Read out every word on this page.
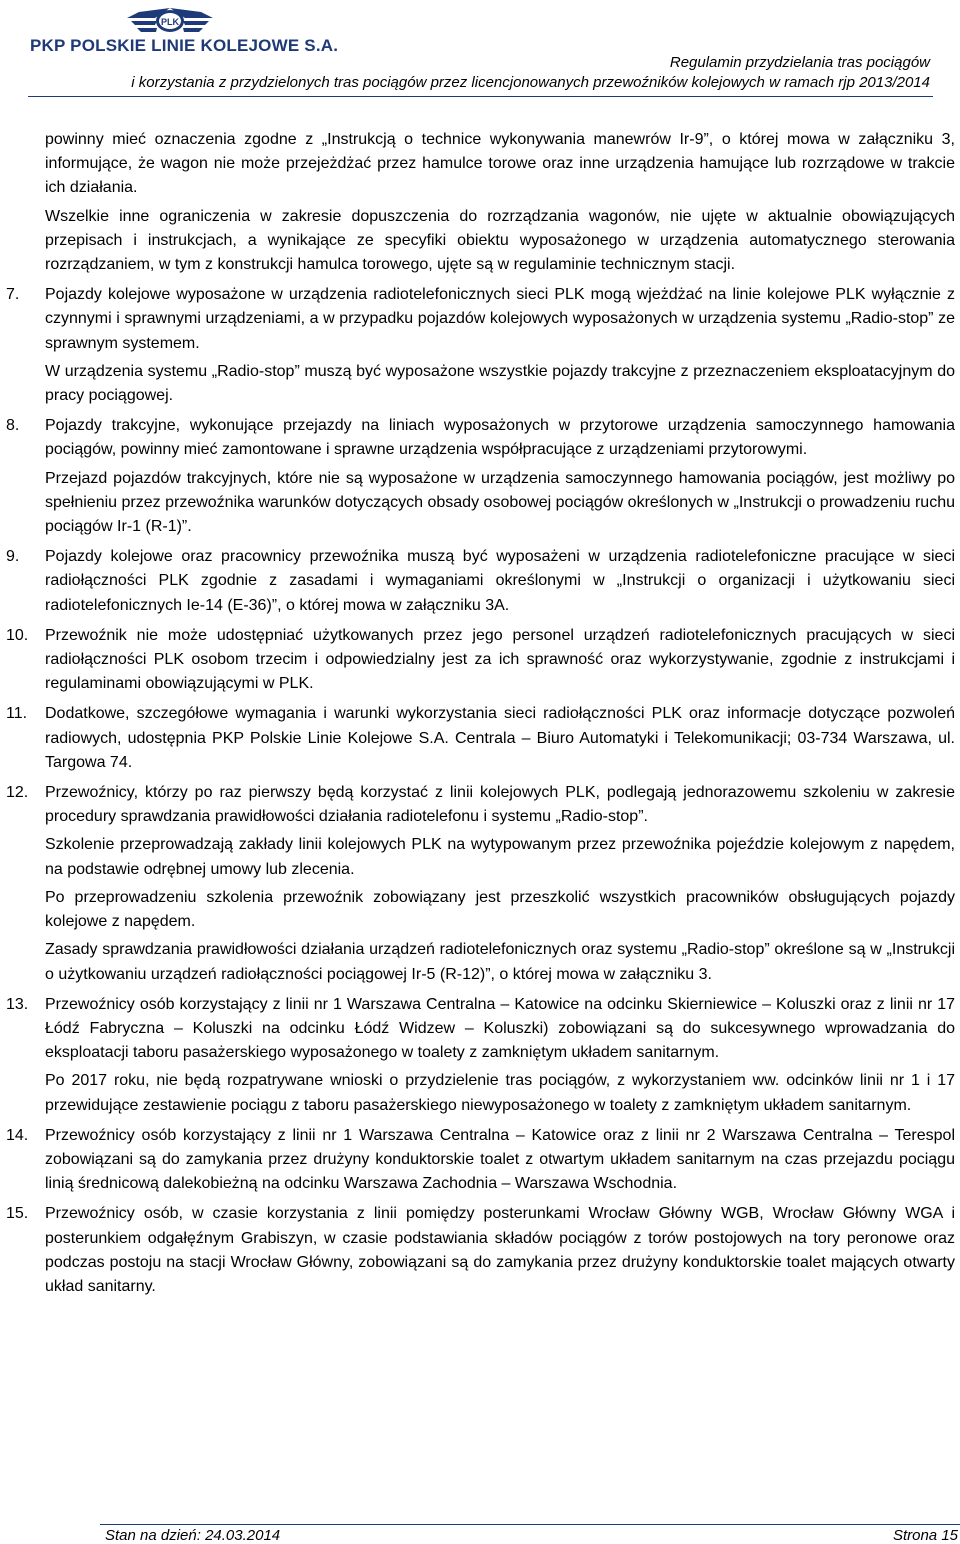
PLK
PKP POLSKIE LINIE KOLEJOWE S.A.
Regulamin przydzielania tras pociągów
i korzystania z przydzielonych tras pociągów przez licencjonowanych przewoźników kolejowych w ramach rjp 2013/2014

powinny mieć oznaczenia zgodne z „Instrukcją o technice wykonywania manewrów Ir-9”, o której mowa w załączniku 3, informujące, że wagon nie może przejeżdżać przez hamulce torowe oraz inne urządzenia hamujące lub rozrządowe w trakcie ich działania.

Wszelkie inne ograniczenia w zakresie dopuszczenia do rozrządzania wagonów, nie ujęte w aktualnie obowiązujących przepisach i instrukcjach, a wynikające ze specyfiki obiektu wyposażonego w urządzenia automatycznego sterowania rozrządzaniem, w tym z konstrukcji hamulca torowego, ujęte są w regulaminie technicznym stacji.

7.	Pojazdy kolejowe wyposażone w urządzenia radiotelefonicznych sieci PLK mogą wjeżdżać na linie kolejowe PLK wyłącznie z czynnymi i sprawnymi urządzeniami, a w przypadku pojazdów kolejowych wyposażonych w urządzenia systemu „Radio-stop” ze sprawnym systemem.

W urządzenia systemu „Radio-stop” muszą być wyposażone wszystkie pojazdy trakcyjne z przeznaczeniem eksploatacyjnym do pracy pociągowej.

8.	Pojazdy trakcyjne, wykonujące przejazdy na liniach wyposażonych w przytorowe urządzenia samoczynnego hamowania pociągów, powinny mieć zamontowane i sprawne urządzenia współpracujące z urządzeniami przytorowymi.

Przejazd pojazdów trakcyjnych, które nie są wyposażone w urządzenia samoczynnego hamowania pociągów, jest możliwy po spełnieniu przez przewoźnika warunków dotyczących obsady osobowej pociągów określonych w „Instrukcji o prowadzeniu ruchu pociągów Ir-1 (R-1)”.

9.	Pojazdy kolejowe oraz pracownicy przewoźnika muszą być wyposażeni w urządzenia radiotelefoniczne pracujące w sieci radiołączności PLK zgodnie z zasadami i wymaganiami określonymi w „Instrukcji o organizacji i użytkowaniu sieci radiotelefonicznych Ie-14 (E-36)”, o której mowa w załączniku 3A.

10.	Przewoźnik nie może udostępniać użytkowanych przez jego personel urządzeń radiotelefonicznych pracujących w sieci radiołączności PLK osobom trzecim i odpowiedzialny jest za ich sprawność oraz wykorzystywanie, zgodnie z instrukcjami i regulaminami obowiązującymi w PLK.

11.	Dodatkowe, szczegółowe wymagania i warunki wykorzystania sieci radiołączności PLK oraz informacje dotyczące pozwoleń radiowych, udostępnia PKP Polskie Linie Kolejowe S.A. Centrala – Biuro Automatyki i Telekomunikacji; 03-734 Warszawa, ul. Targowa 74.

12.	Przewoźnicy, którzy po raz pierwszy będą korzystać z linii kolejowych PLK, podlegają jednorazowemu szkoleniu w zakresie procedury sprawdzania prawidłowości działania radiotelefonu i systemu „Radio-stop”.

Szkolenie przeprowadzają zakłady linii kolejowych PLK na wytypowanym przez przewoźnika pojeździe kolejowym z napędem, na podstawie odrębnej umowy lub zlecenia.

Po przeprowadzeniu szkolenia przewoźnik zobowiązany jest przeszkolić wszystkich pracowników obsługujących pojazdy kolejowe z napędem.

Zasady sprawdzania prawidłowości działania urządzeń radiotelefonicznych oraz systemu „Radio-stop” określone są w „Instrukcji o użytkowaniu urządzeń radiołączności pociągowej Ir-5 (R-12)”, o której mowa w załączniku 3.

13.	Przewoźnicy osób korzystający z linii nr 1 Warszawa Centralna – Katowice na odcinku Skierniewice – Koluszki oraz z linii nr 17 Łódź Fabryczna – Koluszki na odcinku Łódź Widzew – Koluszki) zobowiązani są do sukcesywnego wprowadzania do eksploatacji taboru pasażerskiego wyposażonego w toalety z zamkniętym układem sanitarnym.

Po 2017 roku, nie będą rozpatrywane wnioski o przydzielenie tras pociągów, z wykorzystaniem ww. odcinków linii nr 1 i 17 przewidujące zestawienie pociągu z taboru pasażerskiego niewyposażonego w toalety z zamkniętym układem sanitarnym.

14.	Przewoźnicy osób korzystający z linii nr 1 Warszawa Centralna – Katowice oraz z linii nr 2 Warszawa Centralna – Terespol zobowiązani są do zamykania przez drużyny konduktorskie toalet z otwartym układem sanitarnym na czas przejazdu pociągu linią średnicową dalekobieżną na odcinku Warszawa Zachodnia – Warszawa Wschodnia.

15.	Przewoźnicy osób, w czasie korzystania z linii pomiędzy posterunkami Wrocław Główny WGB, Wrocław Główny WGA i posterunkiem odgałęźnym Grabiszyn, w czasie podstawiania składów pociągów z torów postojowych na tory peronowe oraz podczas postoju na stacji Wrocław Główny, zobowiązani są do zamykania przez drużyny konduktorskie toalet mających otwarty układ sanitarny.

Stan na dzień: 24.03.2014	Strona 15
